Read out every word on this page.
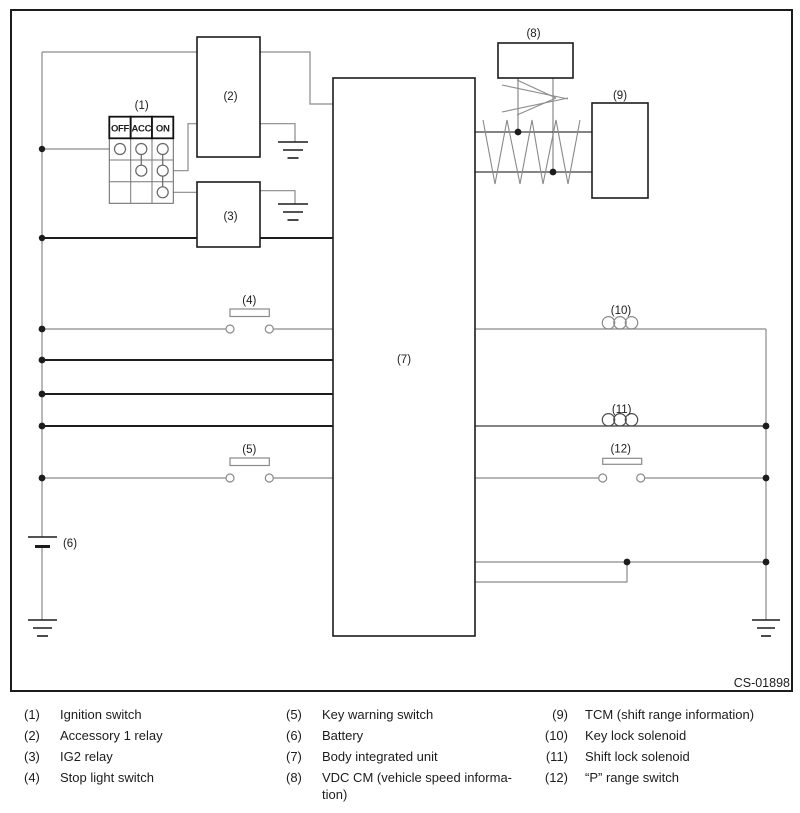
OFF ACC ON
(1)
(2)
(3)
(4)
(5)
(6)
(7)
(8)
(9)
(10)
(11)
(12)
CS-01898
(1)	Ignition switch
(2)	Accessory 1 relay
(3)	IG2 relay
(4)	Stop light switch
(5)	Key warning switch
(6)	Battery
(7)	Body integrated unit
(8)	VDC CM (vehicle speed informa-
tion)
(9) TCM (shift range information)
(10) Key lock solenoid
(11) Shift lock solenoid
(12) “P” range switch
